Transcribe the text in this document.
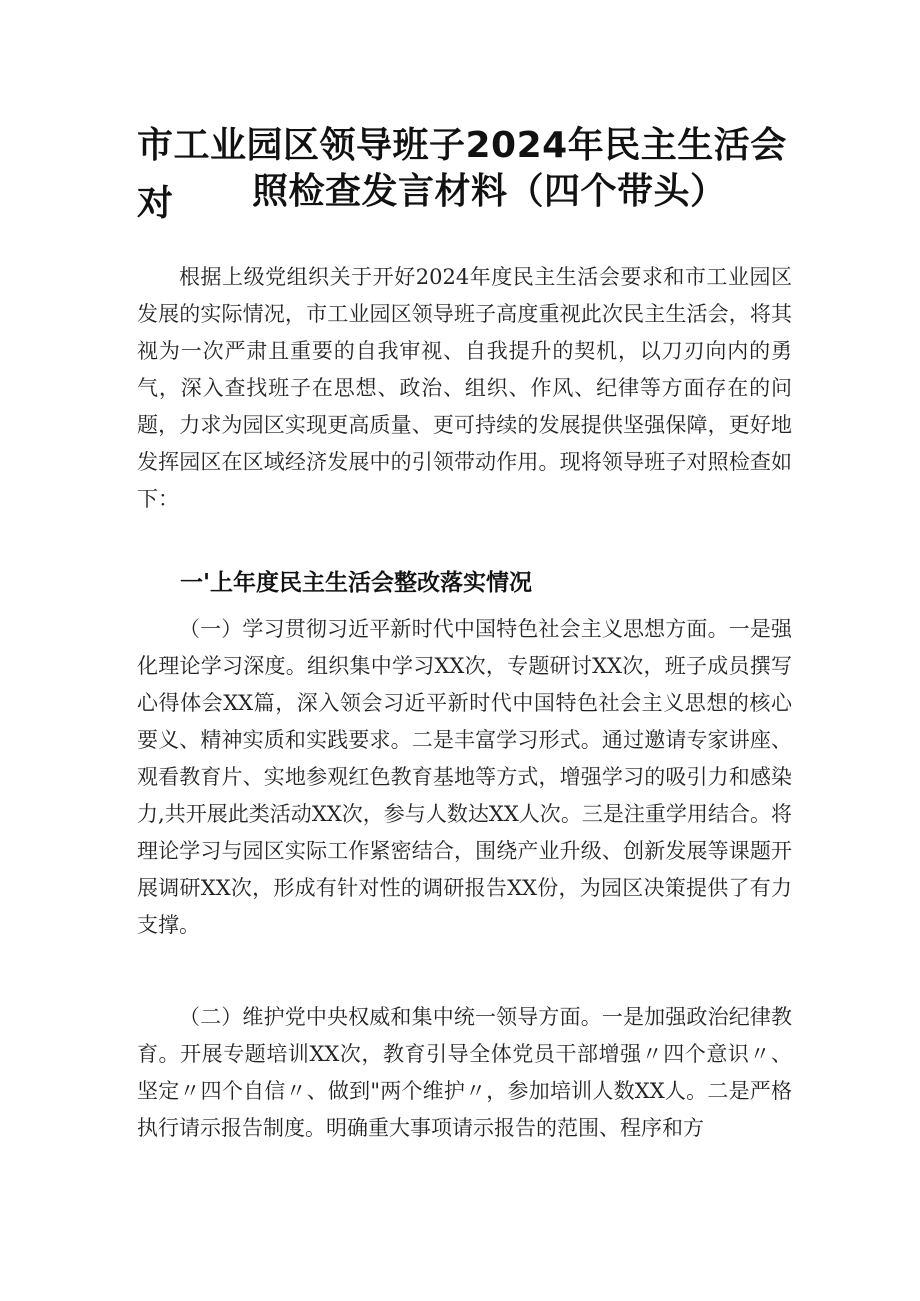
市工业园区领导班子2024年民主生活会对	照检查发言材料（四个带头）

根据上级党组织关于开好2024年度民主生活会要求和市工业园区发展的实际情况，市工业园区领导班子高度重视此次民主生活会，将其视为一次严肃且重要的自我审视、自我提升的契机，以刀刃向内的勇气，深入查找班子在思想、政治、组织、作风、纪律等方面存在的问题，力求为园区实现更高质量、更可持续的发展提供坚强保障，更好地发挥园区在区域经济发展中的引领带动作用。现将领导班子对照检查如下：

一'上年度民主生活会整改落实情况

（一）学习贯彻习近平新时代中国特色社会主义思想方面。一是强化理论学习深度。组织集中学习XX次，专题研讨XX次，班子成员撰写心得体会XX篇，深入领会习近平新时代中国特色社会主义思想的核心要义、精神实质和实践要求。二是丰富学习形式。通过邀请专家讲座、观看教育片、实地参观红色教育基地等方式，增强学习的吸引力和感染力,共开展此类活动XX次，参与人数达XX人次。三是注重学用结合。将理论学习与园区实际工作紧密结合，围绕产业升级、创新发展等课题开展调研XX次，形成有针对性的调研报告XX份，为园区决策提供了有力支撑。

（二）维护党中央权威和集中统一领导方面。一是加强政治纪律教育。开展专题培训XX次，教育引导全体党员干部增强〃四个意识〃、坚定〃四个自信〃、做到"两个维护〃，参加培训人数XX人。二是严格执行请示报告制度。明确重大事项请示报告的范围、程序和方
